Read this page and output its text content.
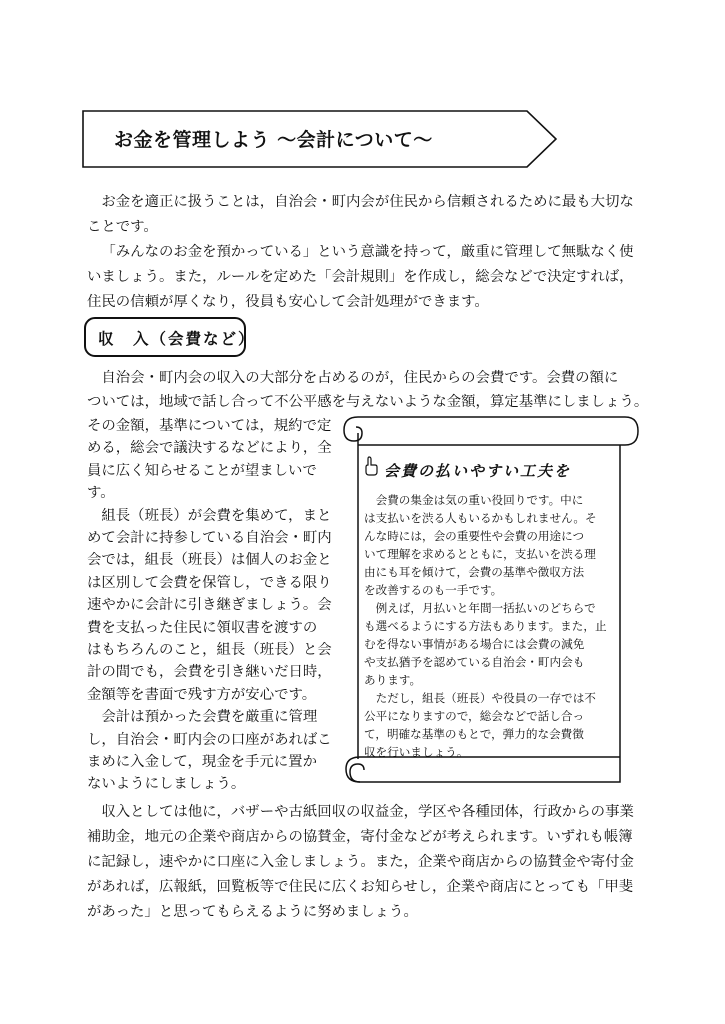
お金を管理しよう ～会計について～

お金を適正に扱うことは，自治会・町内会が住民から信頼されるために最も大切なことです。

「みんなのお金を預かっている」という意識を持って，厳重に管理して無駄なく使いましょう。また，ルールを定めた「会計規則」を作成し，総会などで決定すれば，住民の信頼が厚くなり，役員も安心して会計処理ができます。

収　入（会費など）
　自治会・町内会の収入の大部分を占めるのが，住民からの会費です。会費の額に
ついては，地域で話し合って不公平感を与えないような金額，算定基準にしましょう。
その金額，基準については，規約で定
める，総会で議決するなどにより，全
員に広く知らせることが望ましいで
す。
　組長（班長）が会費を集めて，まと
めて会計に持参している自治会・町内
会では，組長（班長）は個人のお金と
は区別して会費を保管し，できる限り
速やかに会計に引き継ぎましょう。会
費を支払った住民に領収書を渡すの
はもちろんのこと，組長（班長）と会
計の間でも，会費を引き継いだ日時，
金額等を書面で残す方が安心です。
　会計は預かった会費を厳重に管理
し，自治会・町内会の口座があればこ
まめに入金して，現金を手元に置か
会費の払いやすい工夫を
　会費の集金は気の重い役回りです。中に
は支払いを渋る人もいるかもしれません。そ
んな時には，会の重要性や会費の用途につ
いて理解を求めるとともに，支払いを渋る理
由にも耳を傾けて，会費の基準や徴収方法
を改善するのも一手です。
　例えば，月払いと年間一括払いのどちらで
も選べるようにする方法もあります。また，止
むを得ない事情がある場合には会費の減免
や支払猶予を認めている自治会・町内会も
あります。
　ただし，組長（班長）や役員の一存では不
公平になりますので，総会などで話し合っ
て，明確な基準のもとで，弾力的な会費徴
収を行いましょう。

収入としては他に，バザーや古紙回収の収益金，学区や各種団体，行政からの事業補助金，地元の企業や商店からの協賛金，寄付金などが考えられます。いずれも帳簿に記録し，速やかに口座に入金しましょう。また，企業や商店からの協賛金や寄付金があれば，広報紙，回覧板等で住民に広くお知らせし，企業や商店にとっても「甲斐があった」と思ってもらえるように努めましょう。

ないようにしましょう。
